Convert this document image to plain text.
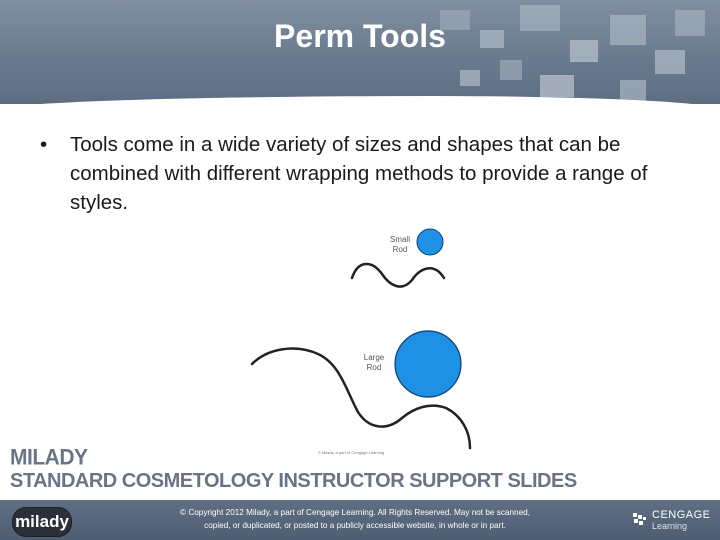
Perm Tools
• Tools come in a wide variety of sizes and shapes that can be combined with different wrapping methods to provide a range of styles.
Small
Rod
Large
Rod
© Milady, a part of Cengage Learning
MILADY
STANDARD COSMETOLOGY INSTRUCTOR SUPPORT SLIDES
milady	© Copyright 2012 Milady, a part of Cengage Learning. All Rights Reserved. May not be scanned,
copied, or duplicated, or posted to a publicly accessible website, in whole or in part.
CENGAGE
Learning
